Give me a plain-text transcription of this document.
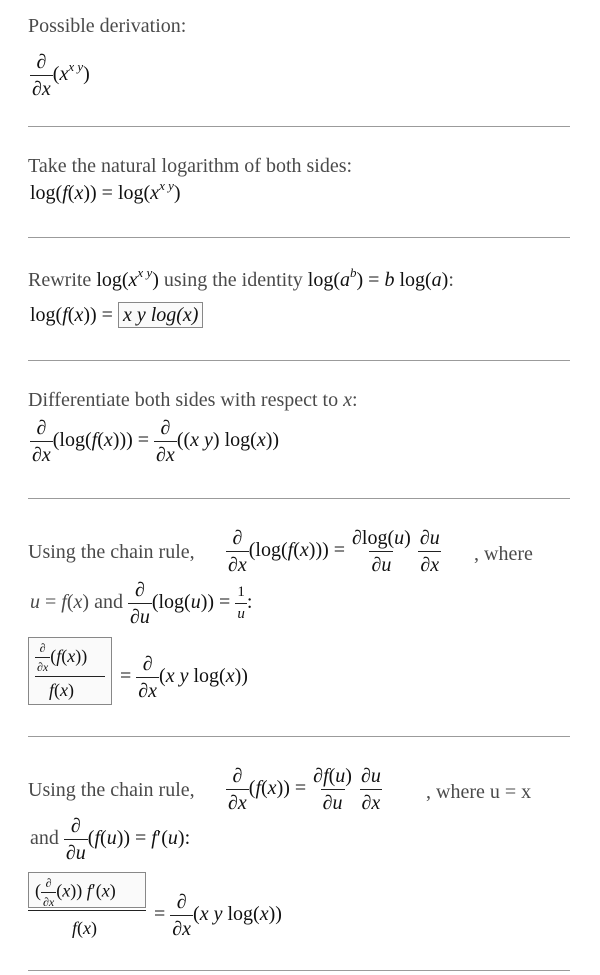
Possible derivation:
$\frac{\partial}{\partial x} (x^{x y})$
Take the natural logarithm of both sides:
$\log(f(x)) = \log(x^{x y})$
Rewrite $\log(x^{x y})$ using the identity $\log(a^b) = b$ log(a):
log(f(x)) = x y log(x)
Differentiate both sides with respect to x:
$\frac{\partial}{\partial x} (\log(f(x))) = \frac{\partial}{\partial x} ((x$ y) log(x))
Using the chain rule, $\frac{\partial}{\partial x} (\log(f(x))) = \frac{\partial\log(u)}{\partial u}$
$\frac{\partial u}{\partial x}$ , where
u = f(x) and $\frac{\partial}{\partial u} (\log(u)) = \frac{1}{u}$ :
$\frac{\partial}{\partial x} (f(x))$
f(x)
= $\frac{\partial}{\partial x} (x$ y log(x))
Using the chain rule, $\frac{\partial}{\partial x} (f(x)) = \frac{\partial f(u)}{\partial u}$
$\frac{\partial u}{\partial x}$ , where u = x
and $\frac{\partial}{\partial u} (f(u)) = f'(u)$:
( $\frac{\partial}{\partial x} (x)$) f′(x)
f(x)
= $\frac{\partial}{\partial x} (x$ y log(x))
